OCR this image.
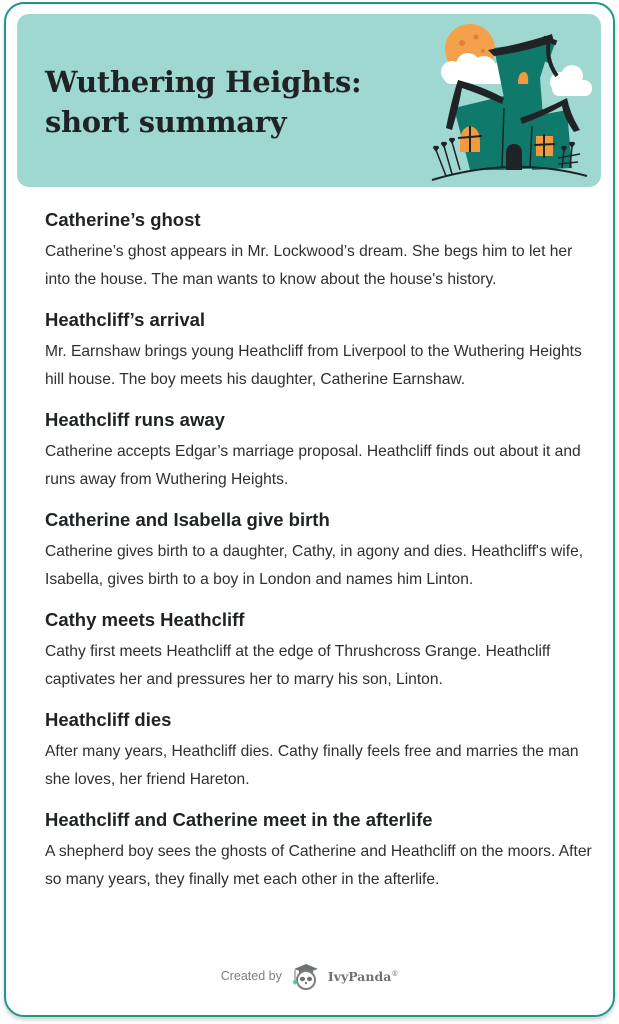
Wuthering Heights:
short summary
Catherine’s ghost

Catherine’s ghost appears in Mr. Lockwood’s dream. She begs him to let her into the house. The man wants to know about the house's history.

Heathcliff’s arrival

Mr. Earnshaw brings young Heathcliff from Liverpool to the Wuthering Heights hill house. The boy meets his daughter, Catherine Earnshaw.

Heathcliff runs away

Catherine accepts Edgar’s marriage proposal. Heathcliff finds out about it and runs away from Wuthering Heights.

Catherine and Isabella give birth

Catherine gives birth to a daughter, Cathy, in agony and dies. Heathcliff's wife, Isabella, gives birth to a boy in London and names him Linton.

Cathy meets Heathcliff

Cathy first meets Heathcliff at the edge of Thrushcross Grange. Heathcliff captivates her and pressures her to marry his son, Linton.

Heathcliff dies

After many years, Heathcliff dies. Cathy finally feels free and marries the man she loves, her friend Hareton.

Heathcliff and Catherine meet in the afterlife

A shepherd boy sees the ghosts of Catherine and Heathcliff on the moors. After so many years, they finally met each other in the afterlife.

Created by	IvyPanda®
